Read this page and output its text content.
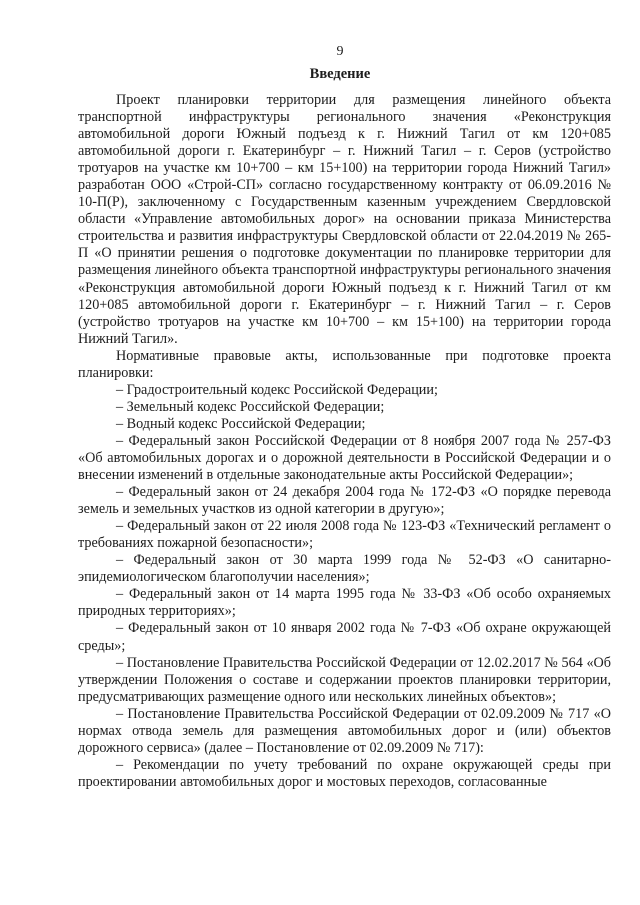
9
Введение

Проект планировки территории для размещения линейного объекта транспортной инфраструктуры регионального значения «Реконструкция автомобильной дороги Южный подъезд к г. Нижний Тагил от км 120+085 автомобильной дороги г. Екатеринбург – г. Нижний Тагил – г. Серов (устройство тротуаров на участке км 10+700 – км 15+100) на территории города Нижний Тагил» разработан ООО «Строй-СП» согласно государственному контракту от 06.09.2016 № 10-П(Р), заключенному с Государственным казенным учреждением Свердловской области «Управление автомобильных дорог» на основании приказа Министерства строительства и развития инфраструктуры Свердловской области от 22.04.2019 № 265-П «О принятии решения о подготовке документации по планировке территории для размещения линейного объекта транспортной инфраструктуры регионального значения «Реконструкция автомобильной дороги Южный подъезд к г. Нижний Тагил от км 120+085 автомобильной дороги г. Екатеринбург – г. Нижний Тагил – г. Серов (устройство тротуаров на участке км 10+700 – км 15+100) на территории города Нижний Тагил».

Нормативные правовые акты, использованные при подготовке проекта планировки:

– Градостроительный кодекс Российской Федерации;

– Земельный кодекс Российской Федерации;

– Водный кодекс Российской Федерации;

– Федеральный закон Российской Федерации от 8 ноября 2007 года № 257-ФЗ «Об автомобильных дорогах и о дорожной деятельности в Российской Федерации и о внесении изменений в отдельные законодательные акты Российской Федерации»;

– Федеральный закон от 24 декабря 2004 года № 172-ФЗ «О порядке перевода земель и земельных участков из одной категории в другую»;

– Федеральный закон от 22 июля 2008 года № 123-ФЗ «Технический регламент о требованиях пожарной безопасности»;

– Федеральный закон от 30 марта 1999 года № 52-ФЗ «О санитарно-эпидемиологическом благополучии населения»;

– Федеральный закон от 14 марта 1995 года № 33-ФЗ «Об особо охраняемых природных территориях»;

– Федеральный закон от 10 января 2002 года № 7-ФЗ «Об охране окружающей среды»;

– Постановление Правительства Российской Федерации от 12.02.2017 № 564 «Об утверждении Положения о составе и содержании проектов планировки территории, предусматривающих размещение одного или нескольких линейных объектов»;

– Постановление Правительства Российской Федерации от 02.09.2009 № 717 «О нормах отвода земель для размещения автомобильных дорог и (или) объектов дорожного сервиса» (далее – Постановление от 02.09.2009 № 717):

– Рекомендации по учету требований по охране окружающей среды при проектировании автомобильных дорог и мостовых переходов, согласованные
